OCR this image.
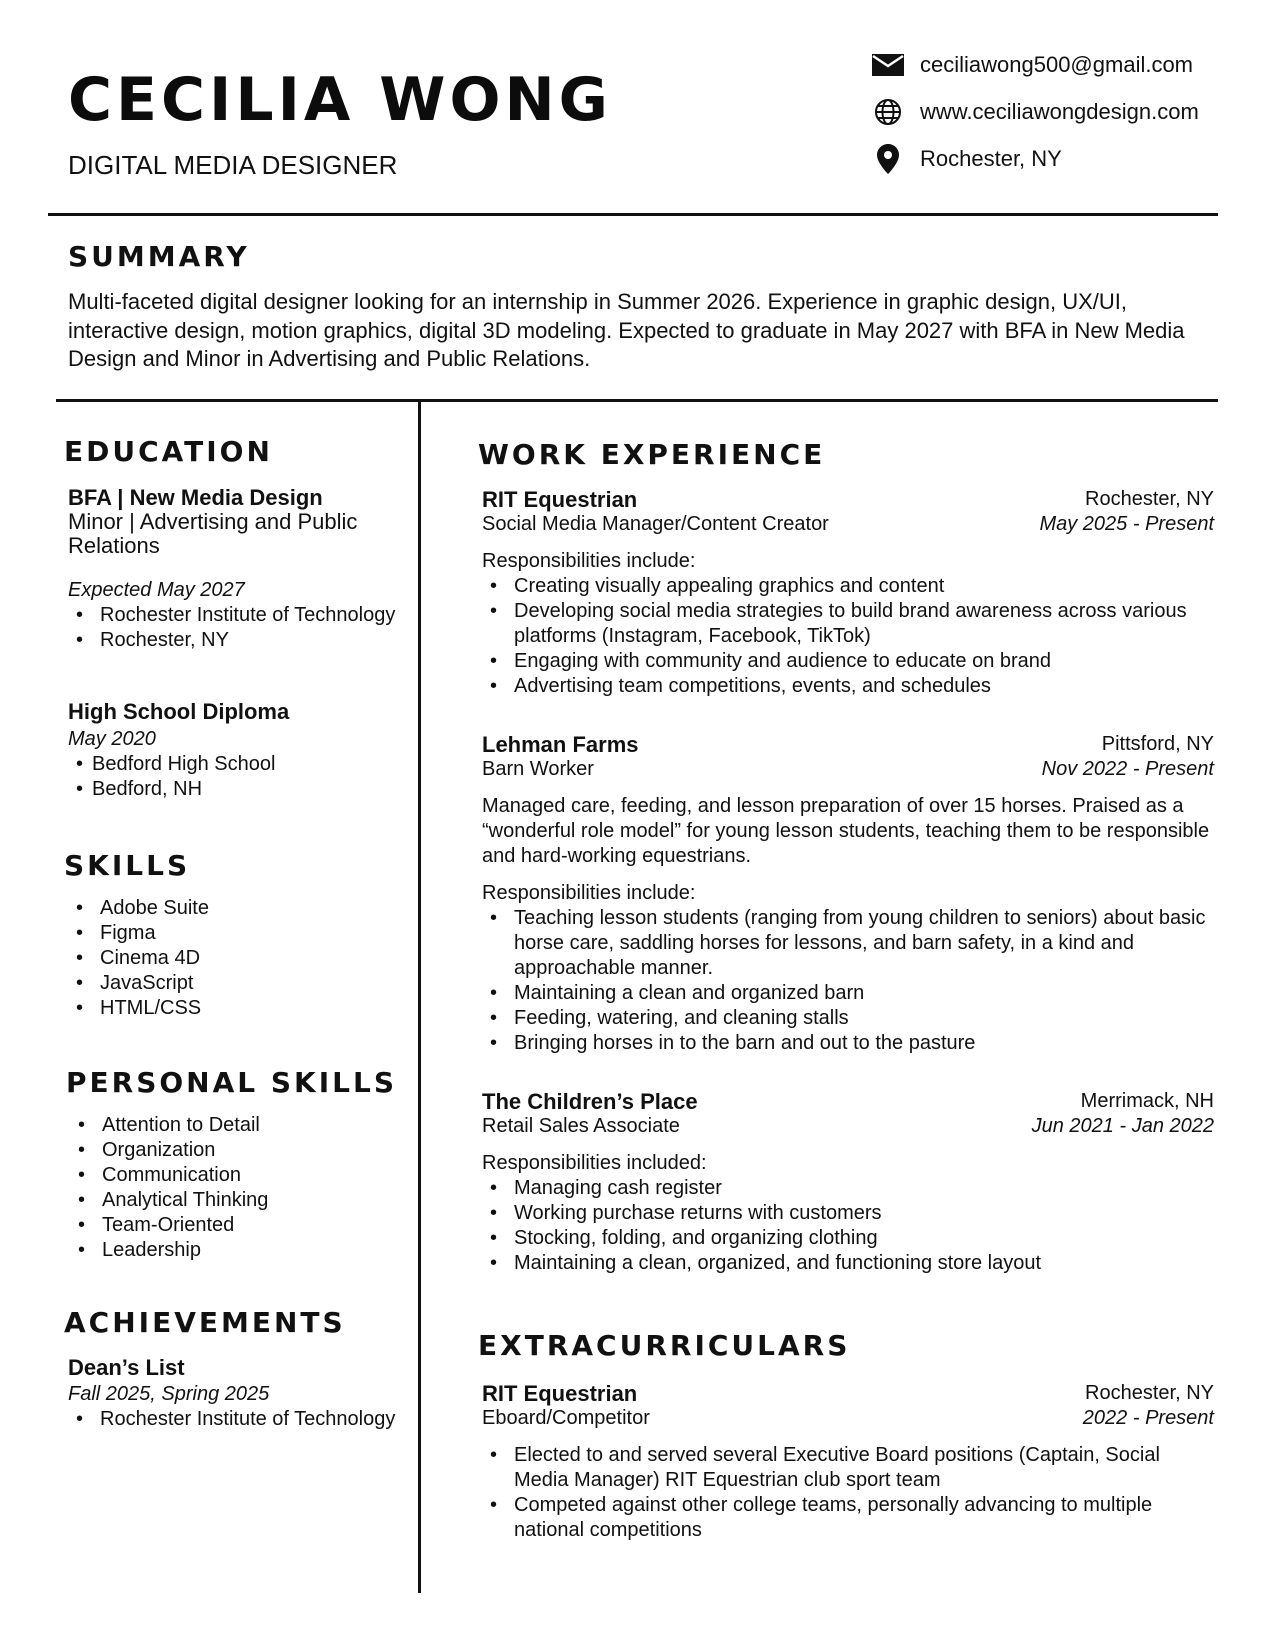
CECILIA WONG
DIGITAL MEDIA DESIGNER
ceciliawong500@gmail.com
www.ceciliawongdesign.com
Rochester, NY
SUMMARY
Multi-faceted digital designer looking for an internship in Summer 2026. Experience in graphic design, UX/UI, interactive design, motion graphics, digital 3D modeling. Expected to graduate in May 2027 with BFA in New Media Design and Minor in Advertising and Public Relations.
EDUCATION
BFA | New Media Design
Minor | Advertising and Public Relations
Expected May 2027
• Rochester Institute of Technology
• Rochester, NY
High School Diploma
May 2020
• Bedford High School
• Bedford, NH
SKILLS
• Adobe Suite
• Figma
• Cinema 4D
• JavaScript
• HTML/CSS
PERSONAL SKILLS
• Attention to Detail
• Organization
• Communication
• Analytical Thinking
• Team-Oriented
• Leadership
ACHIEVEMENTS
Dean’s List
Fall 2025, Spring 2025
• Rochester Institute of Technology
WORK EXPERIENCE
RIT Equestrian
Social Media Manager/Content Creator
Rochester, NY
May 2025 - Present
Responsibilities include:
• Creating visually appealing graphics and content
• Developing social media strategies to build brand awareness across various platforms (Instagram, Facebook, TikTok)
• Engaging with community and audience to educate on brand
• Advertising team competitions, events, and schedules
Lehman Farms
Barn Worker
Pittsford, NY
Nov 2022 - Present
Managed care, feeding, and lesson preparation of over 15 horses. Praised as a “wonderful role model” for young lesson students, teaching them to be responsible and hard-working equestrians.
Responsibilities include:
• Teaching lesson students (ranging from young children to seniors) about basic horse care, saddling horses for lessons, and barn safety, in a kind and approachable manner.
• Maintaining a clean and organized barn
• Feeding, watering, and cleaning stalls
• Bringing horses in to the barn and out to the pasture
The Children’s Place
Retail Sales Associate
Merrimack, NH
Jun 2021 - Jan 2022
Responsibilities included:
• Managing cash register
• Working purchase returns with customers
• Stocking, folding, and organizing clothing
• Maintaining a clean, organized, and functioning store layout
EXTRACURRICULARS
RIT Equestrian
Eboard/Competitor
Rochester, NY
2022 - Present
• Elected to and served several Executive Board positions (Captain, Social Media Manager) RIT Equestrian club sport team
• Competed against other college teams, personally advancing to multiple national competitions
